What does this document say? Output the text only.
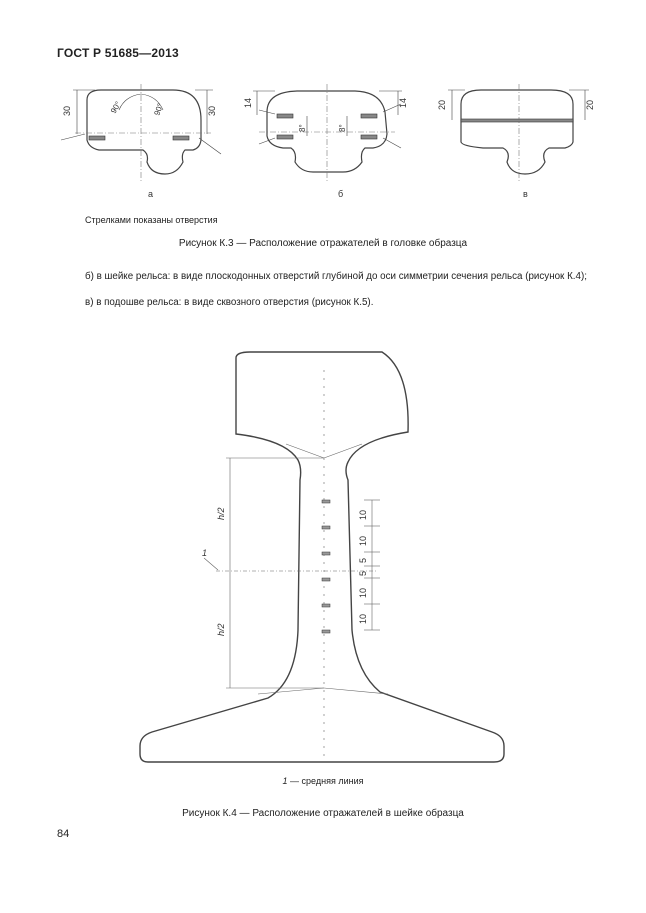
ГОСТ Р 51685—2013
30	30
90°	90°	14	14
8°	8°
20	20
а	б	в
Стрелками показаны отверстия
Рисунок К.3 — Расположение отражателей в головке образца
б) в шейке рельса: в виде плоскодонных отверстий глубиной до оси симметрии сечения рельса (рисунок К.4);
в) в подошве рельса: в виде сквозного отверстия (рисунок К.5).
h/2
h/2
1
10
10
5
5
10
10
1 — средняя линия
Рисунок К.4 — Расположение отражателей в шейке образца
84
